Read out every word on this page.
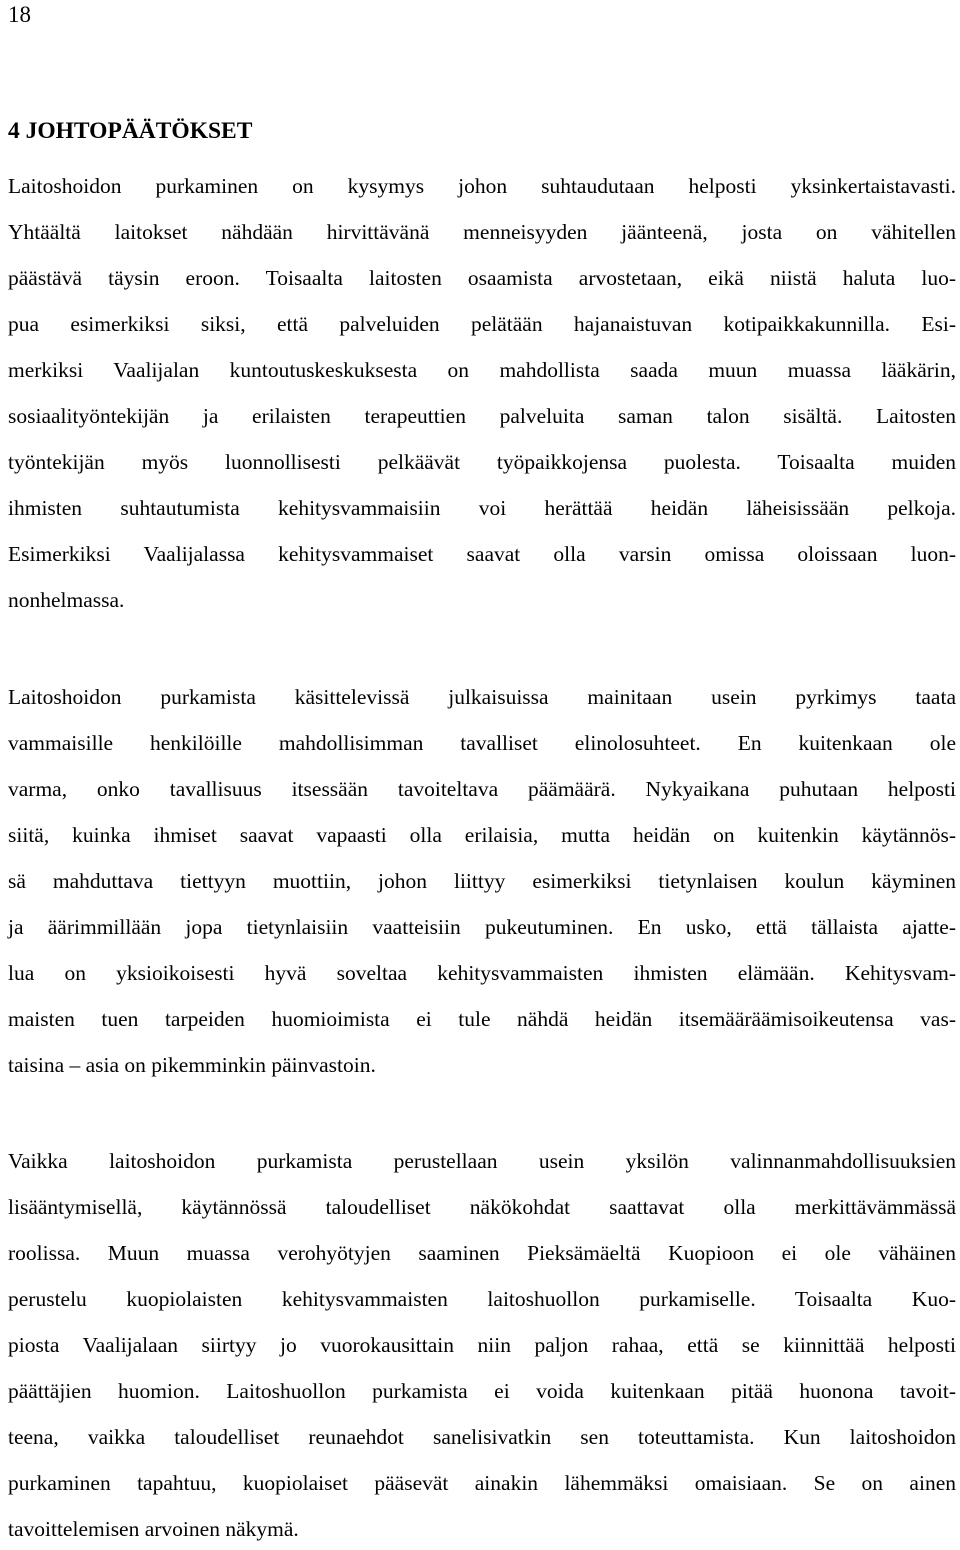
18
4 JOHTOPÄÄTÖKSET
Laitoshoidon purkaminen on kysymys johon suhtaudutaan helposti yksinkertaistavasti.
Yhtäältä laitokset nähdään hirvittävänä menneisyyden jäänteenä, josta on vähitellen
päästävä täysin eroon. Toisaalta laitosten osaamista arvostetaan, eikä niistä haluta luo-
pua esimerkiksi siksi, että palveluiden pelätään hajanaistuvan kotipaikkakunnilla. Esi-
merkiksi Vaalijalan kuntoutuskeskuksesta on mahdollista saada muun muassa lääkärin,
sosiaalityöntekijän ja erilaisten terapeuttien palveluita saman talon sisältä. Laitosten
työntekijän myös luonnollisesti pelkäävät työpaikkojensa puolesta. Toisaalta muiden
ihmisten suhtautumista kehitysvammaisiin voi herättää heidän läheisissään pelkoja.
Esimerkiksi Vaalijalassa kehitysvammaiset saavat olla varsin omissa oloissaan luon-
nonhelmassa.
Laitoshoidon purkamista käsittelevissä julkaisuissa mainitaan usein pyrkimys taata
vammaisille henkilöille mahdollisimman tavalliset elinolosuhteet. En kuitenkaan ole
varma, onko tavallisuus itsessään tavoiteltava päämäärä. Nykyaikana puhutaan helposti
siitä, kuinka ihmiset saavat vapaasti olla erilaisia, mutta heidän on kuitenkin käytännös-
sä mahduttava tiettyyn muottiin, johon liittyy esimerkiksi tietynlaisen koulun käyminen
ja äärimmillään jopa tietynlaisiin vaatteisiin pukeutuminen. En usko, että tällaista ajatte-
lua on yksioikoisesti hyvä soveltaa kehitysvammaisten ihmisten elämään. Kehitysvam-
maisten tuen tarpeiden huomioimista ei tule nähdä heidän itsemääräämisoikeutensa vas-
taisina – asia on pikemminkin päinvastoin.
Vaikka laitoshoidon purkamista perustellaan usein yksilön valinnanmahdollisuuksien
lisääntymisellä, käytännössä taloudelliset näkökohdat saattavat olla merkittävämmässä
roolissa. Muun muassa verohyötyjen saaminen Pieksämäeltä Kuopioon ei ole vähäinen
perustelu kuopiolaisten kehitysvammaisten laitoshuollon purkamiselle. Toisaalta Kuo-
piosta Vaalijalaan siirtyy jo vuorokausittain niin paljon rahaa, että se kiinnittää helposti
päättäjien huomion. Laitoshuollon purkamista ei voida kuitenkaan pitää huonona tavoit-
teena, vaikka taloudelliset reunaehdot sanelisivatkin sen toteuttamista. Kun laitoshoidon
purkaminen tapahtuu, kuopiolaiset pääsevät ainakin lähemmäksi omaisiaan. Se on ainen
tavoittelemisen arvoinen näkymä.
